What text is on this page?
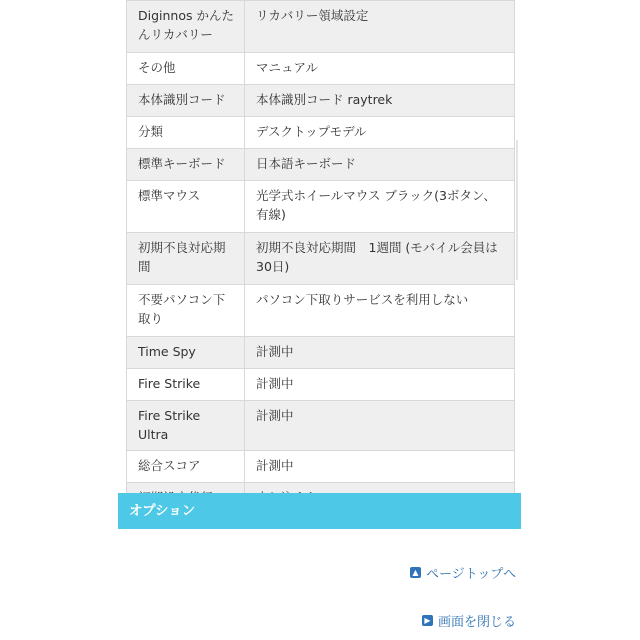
Diginnos かんたんリカバリー	リカバリー領域設定
その他	マニュアル
本体識別コード	本体識別コード raytrek
分類	デスクトップモデル
標準キーボード	日本語キーボード
標準マウス	光学式ホイールマウス ブラック(3ボタン、有線)
初期不良対応期間	初期不良対応期間　1週間 (モバイル会員は30日)
不要パソコン下取り	パソコン下取りサービスを利用しない
Time Spy	計測中
Fire Strike	計測中
Fire Strike Ultra	計測中
総合スコア	計測中

オプション
▲ ページトップへ
▶ 画面を閉じる
